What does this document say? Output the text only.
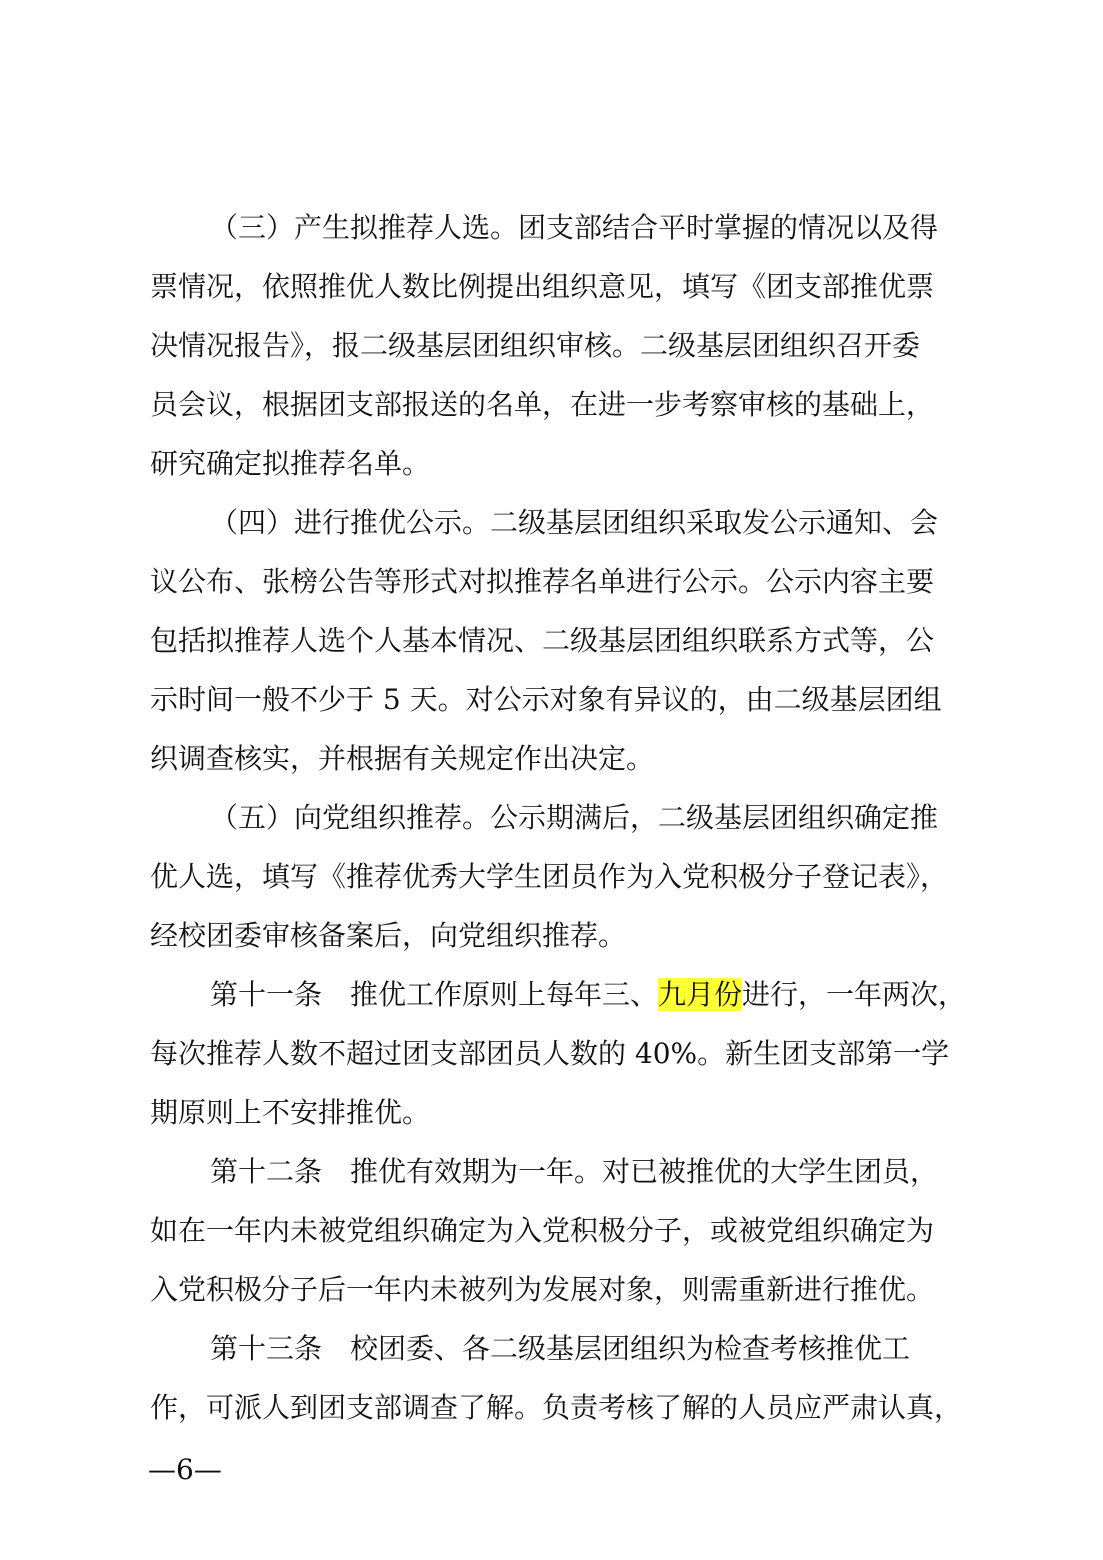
（三）产生拟推荐人选。团支部结合平时掌握的情况以及得
票情况，依照推优人数比例提出组织意见，填写《团支部推优票
决情况报告》，报二级基层团组织审核。二级基层团组织召开委
员会议，根据团支部报送的名单，在进一步考察审核的基础上，
研究确定拟推荐名单。
（四）进行推优公示。二级基层团组织采取发公示通知、会
议公布、张榜公告等形式对拟推荐名单进行公示。公示内容主要
包括拟推荐人选个人基本情况、二级基层团组织联系方式等，公
示时间一般不少于 5 天。对公示对象有异议的，由二级基层团组
织调查核实，并根据有关规定作出决定。
（五）向党组织推荐。公示期满后，二级基层团组织确定推
优人选，填写《推荐优秀大学生团员作为入党积极分子登记表》，
经校团委审核备案后，向党组织推荐。
第十一条　推优工作原则上每年三、九月份进行，一年两次，
每次推荐人数不超过团支部团员人数的 40%。新生团支部第一学
期原则上不安排推优。
第十二条　推优有效期为一年。对已被推优的大学生团员，
如在一年内未被党组织确定为入党积极分子，或被党组织确定为
入党积极分子后一年内未被列为发展对象，则需重新进行推优。
第十三条　校团委、各二级基层团组织为检查考核推优工
作，可派人到团支部调查了解。负责考核了解的人员应严肃认真，
—6—
